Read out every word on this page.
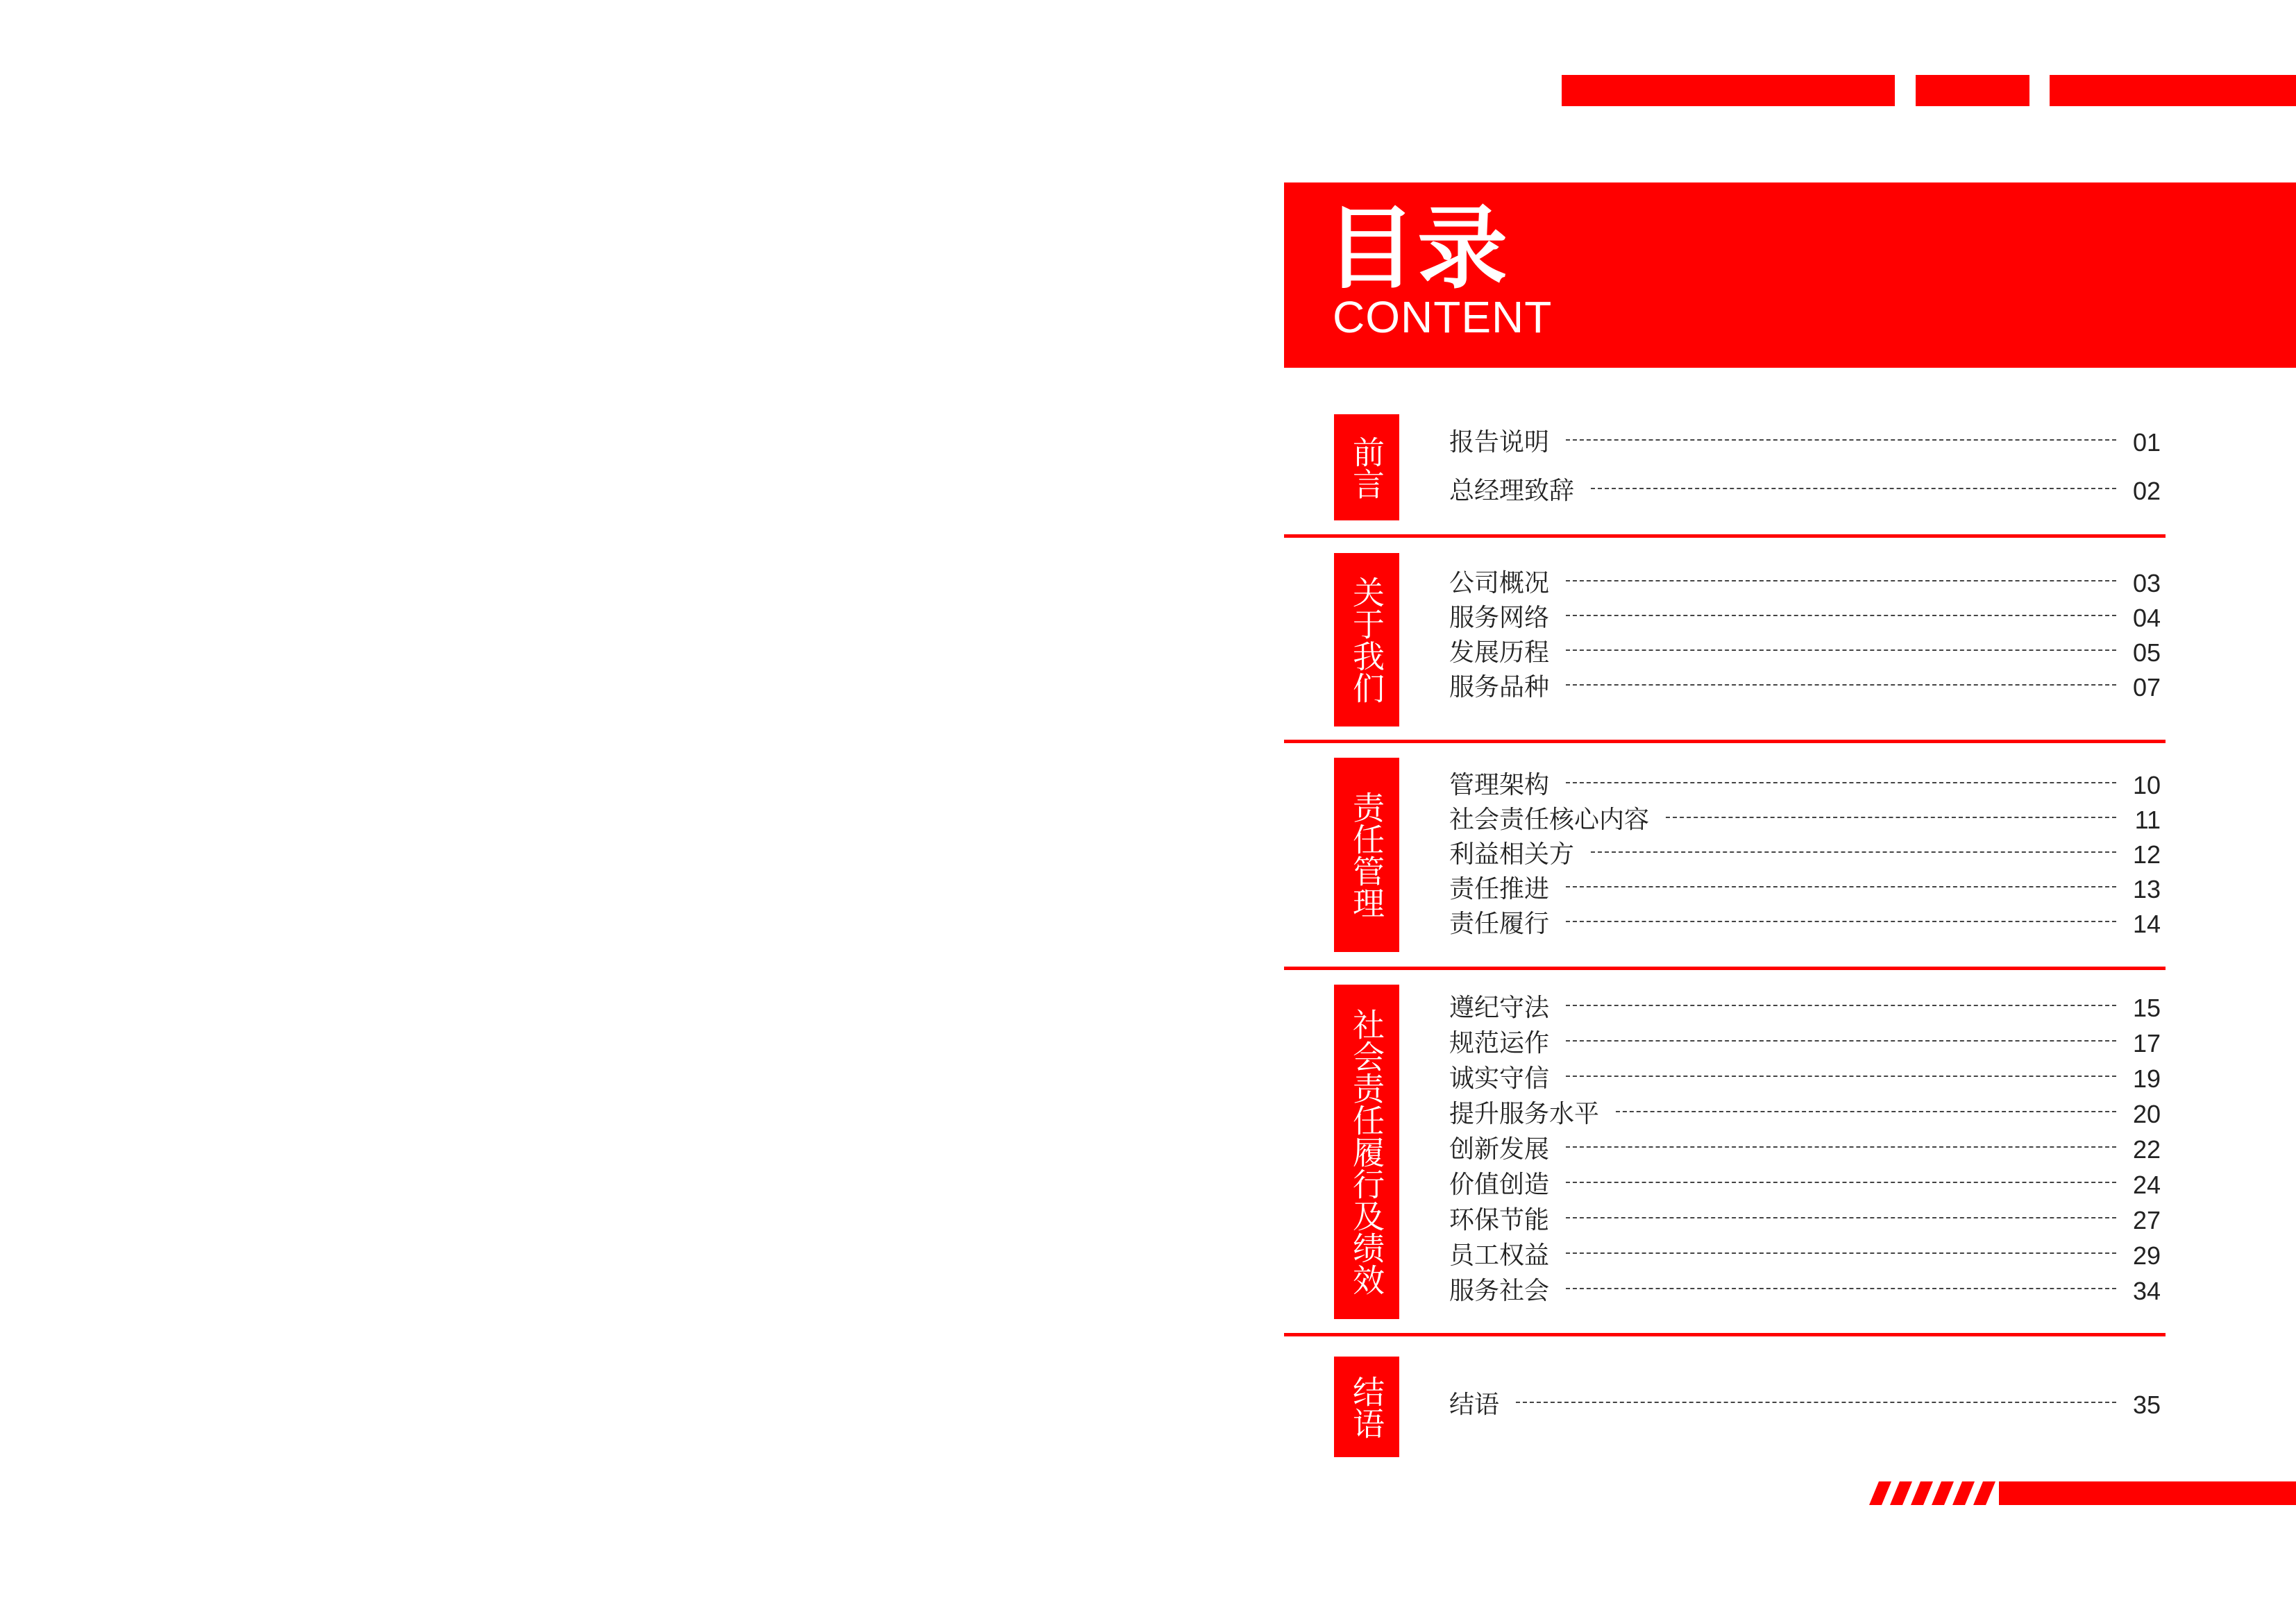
目录

CONTENT

前言	报告说明	01
总经理致辞	02
关于我们	公司概况	03
服务网络	04
发展历程	05
服务品种	07
责任管理
管理架构	10
社会责任核心内容	11
利益相关方	12
责任推进	13
责任履行	14
社会责任履行及绩效
遵纪守法	15
规范运作	17
诚实守信	19
提升服务水平	20
创新发展	22
价值创造	24
环保节能	27
员工权益	29
服务社会	34
结语	结语	35
